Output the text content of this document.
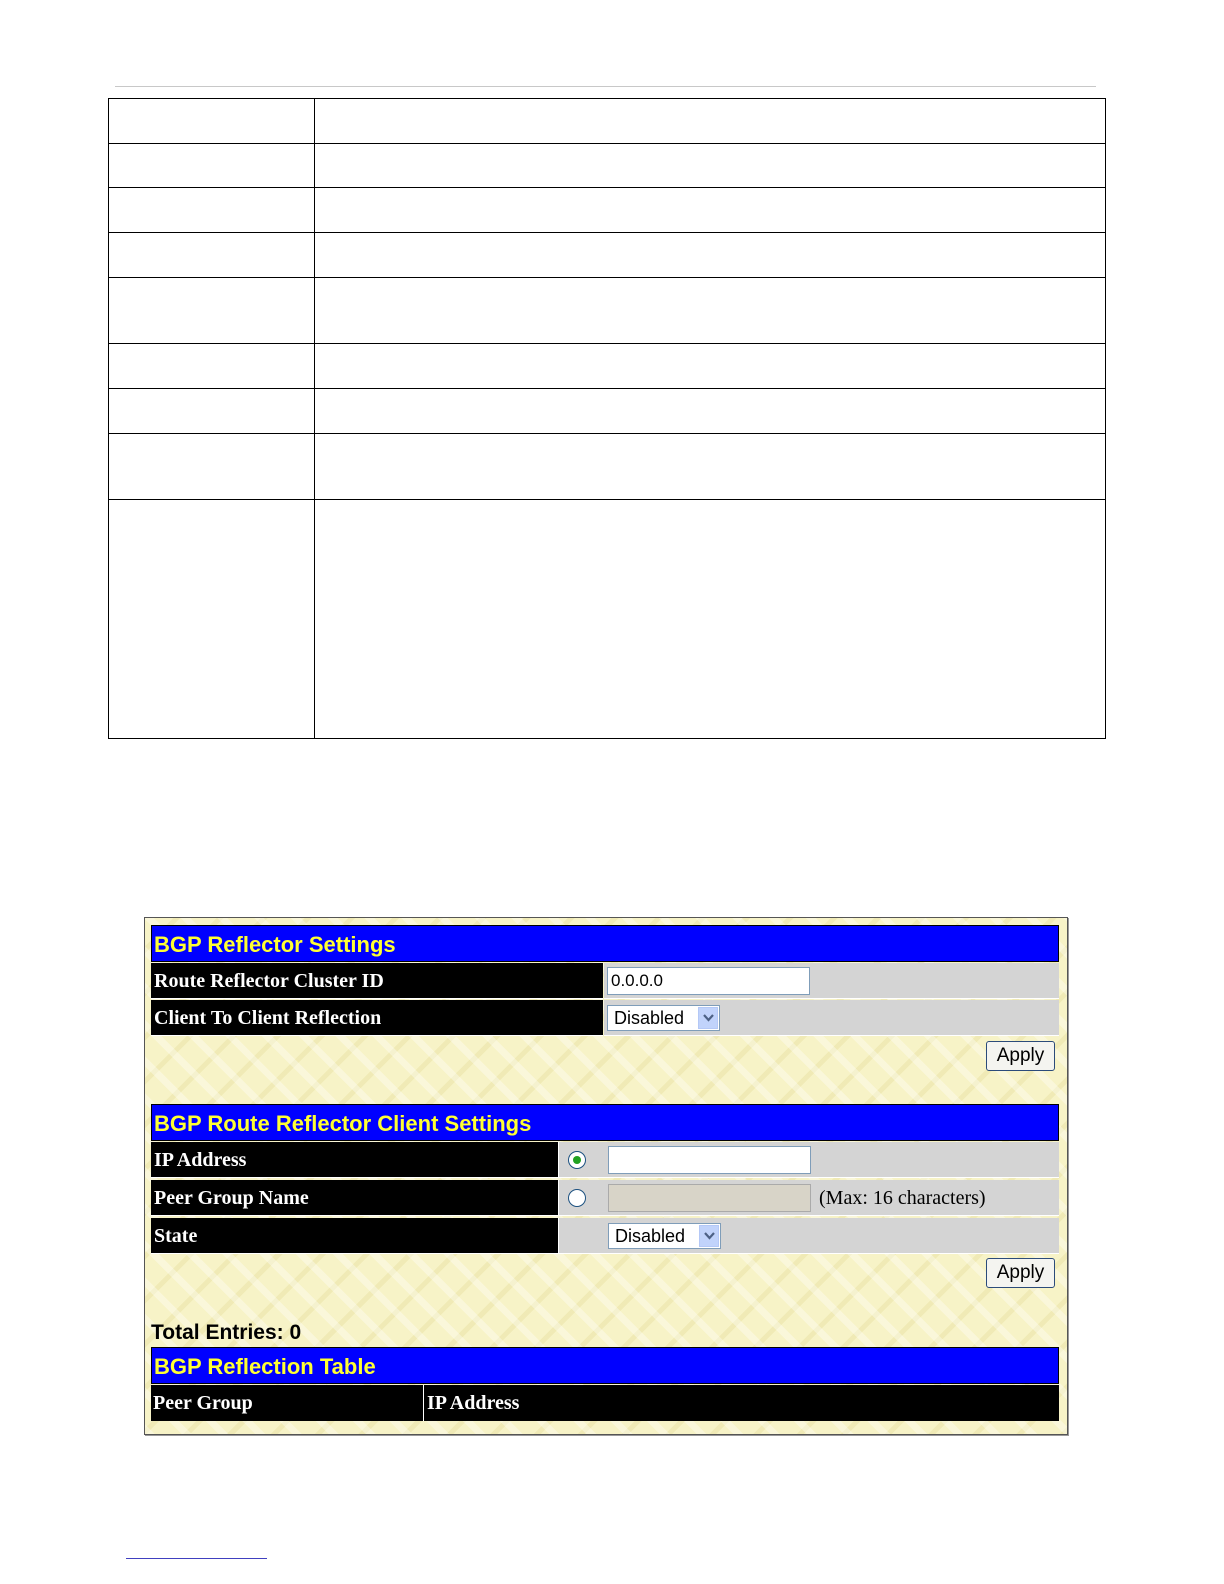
BGP Reflector Settings
Route Reflector Cluster ID	0.0.0.0
Client To Client Reflection	Disabled
Apply
BGP Route Reflector Client Settings
IP Address
Peer Group Name	(Max: 16 characters)
State	Disabled
Apply
Total Entries: 0
BGP Reflection Table
Peer Group	IP Address
